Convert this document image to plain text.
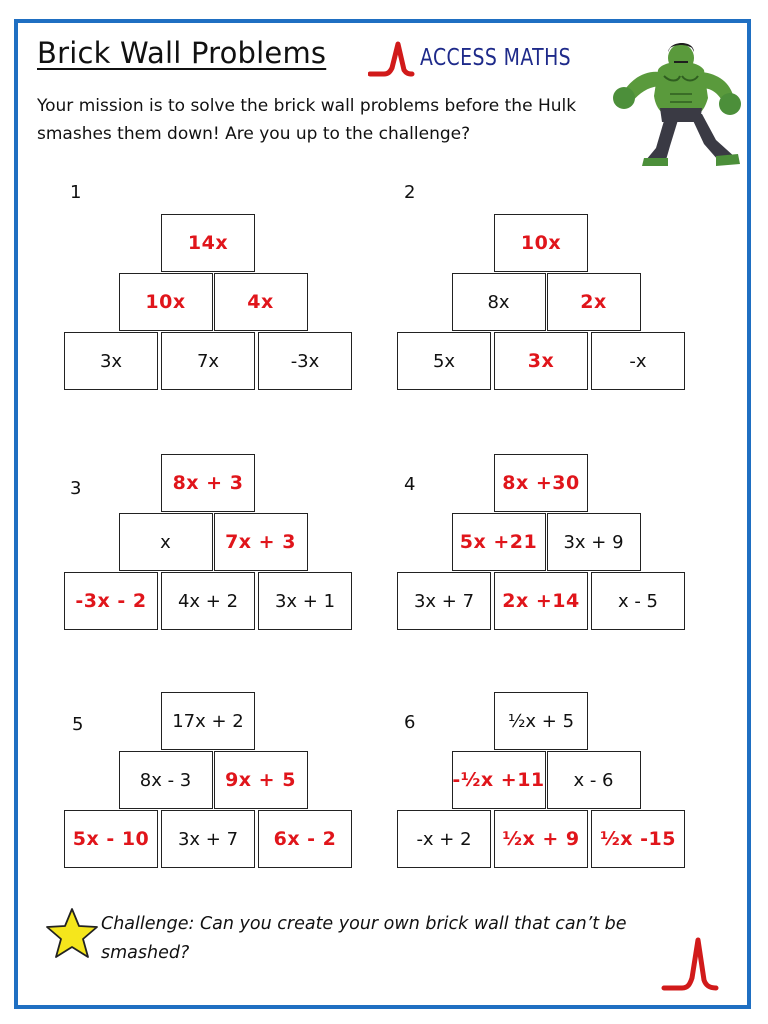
Brick Wall Problems	ACCESS MATHS
Your mission is to solve the brick wall problems before the Hulk smashes them down! Are you up to the challenge?
1
14x
10x	4x
3x	7x	-3x
2
10x
8x	2x
5x	3x	-x
3	8x + 3
x	7x + 3
-3x - 2	4x + 2	3x + 1
4	8x +30
5x +21	3x + 9
3x + 7	2x +14	x - 5
5	17x + 2
8x - 3	9x + 5
5x - 10	3x + 7	6x - 2
6	½x + 5
-½x +11	x - 6
-x + 2	½x + 9	½x -15
Challenge: Can you create your own brick wall that can’t be smashed?
